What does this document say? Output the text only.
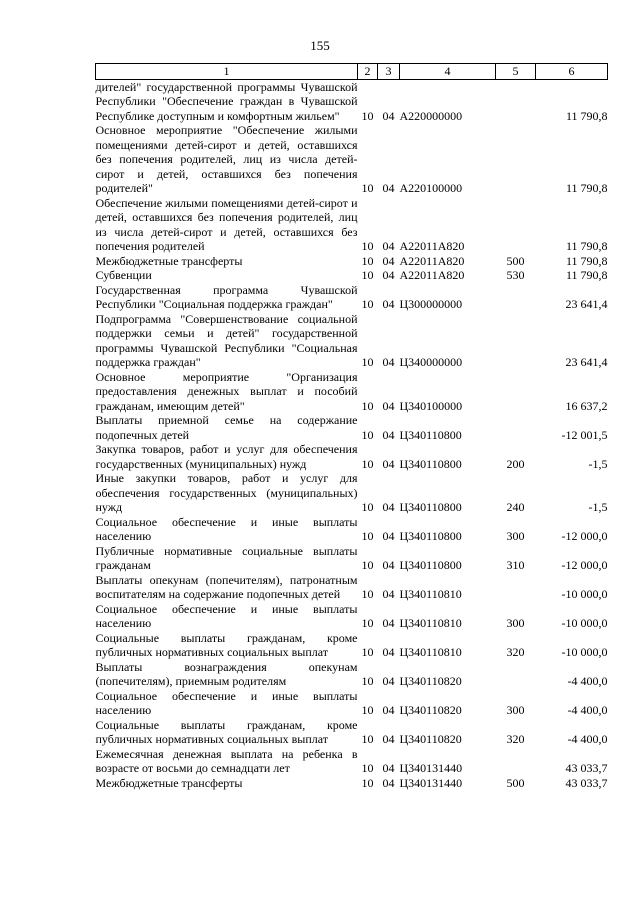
155
1	2	3	4	5	6
дителей" государственной программы Чувашской Республики "Обеспечение граждан в Чувашской Республике доступным и комфортным жильем"	10	04	А220000000		11 790,8
Основное мероприятие "Обеспечение жилыми помещениями детей-сирот и детей, оставшихся без попечения родителей, лиц из числа детей-сирот и детей, оставшихся без попечения родителей"	10	04	А220100000		11 790,8
Обеспечение жилыми помещениями детей-сирот и детей, оставшихся без попечения родителей, лиц из числа детей-сирот и детей, оставшихся без попечения родителей	10	04	А22011А820		11 790,8
Межбюджетные трансферты	10	04	А22011А820	500	11 790,8
Субвенции	10	04	А22011А820	530	11 790,8
Государственная программа Чувашской Республики "Социальная поддержка граждан"	10	04	Ц300000000		23 641,4
Подпрограмма "Совершенствование социальной поддержки семьи и детей" государственной программы Чувашской Республики "Социальная поддержка граждан"	10	04	Ц340000000		23 641,4
Основное мероприятие "Организация предоставления денежных выплат и пособий гражданам, имеющим детей"	10	04	Ц340100000		16 637,2
Выплаты приемной семье на содержание подопечных детей	10	04	Ц340110800		-12 001,5
Закупка товаров, работ и услуг для обеспечения государственных (муниципальных) нужд	10	04	Ц340110800	200	-1,5
Иные закупки товаров, работ и услуг для обеспечения государственных (муниципальных) нужд	10	04	Ц340110800	240	-1,5
Социальное обеспечение и иные выплаты населению	10	04	Ц340110800	300	-12 000,0
Публичные нормативные социальные выплаты гражданам	10	04	Ц340110800	310	-12 000,0
Выплаты опекунам (попечителям), патронатным воспитателям на содержание подопечных детей	10	04	Ц340110810		-10 000,0
Социальное обеспечение и иные выплаты населению	10	04	Ц340110810	300	-10 000,0
Социальные выплаты гражданам, кроме публичных нормативных социальных выплат	10	04	Ц340110810	320	-10 000,0
Выплаты вознаграждения опекунам (попечителям), приемным родителям	10	04	Ц340110820		-4 400,0
Социальное обеспечение и иные выплаты населению	10	04	Ц340110820	300	-4 400,0
Социальные выплаты гражданам, кроме публичных нормативных социальных выплат	10	04	Ц340110820	320	-4 400,0
Ежемесячная денежная выплата на ребенка в возрасте от восьми до семнадцати лет	10	04	Ц340131440		43 033,7
Межбюджетные трансферты	10	04	Ц340131440	500	43 033,7
